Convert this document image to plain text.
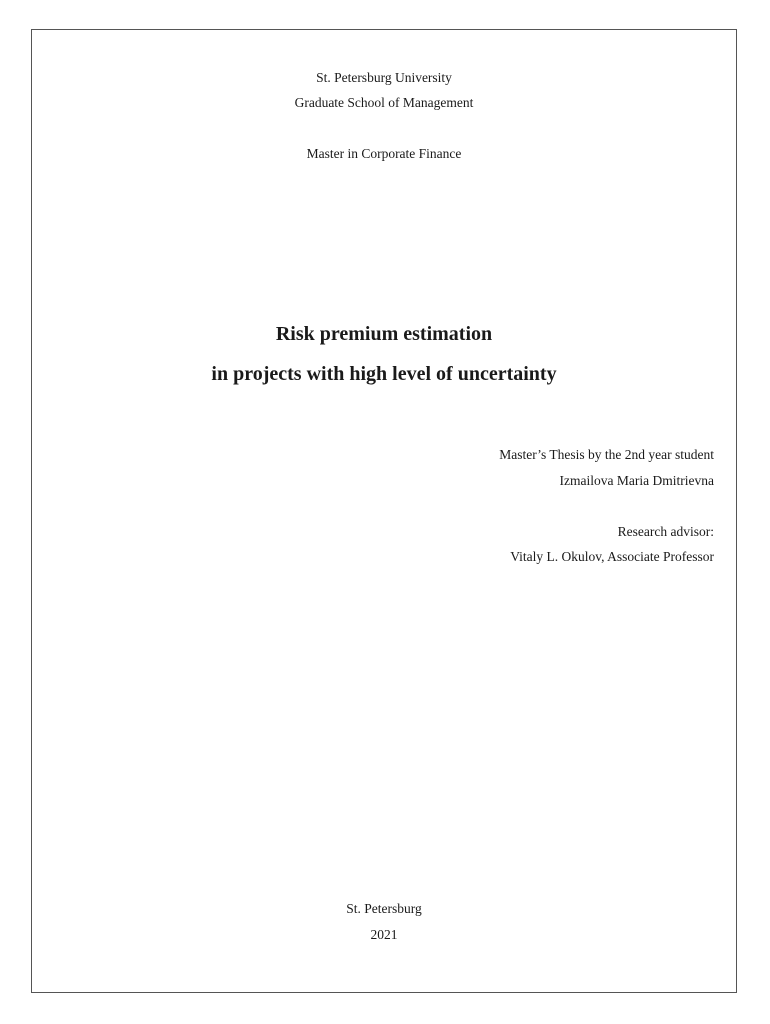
St. Petersburg University
Graduate School of Management
Master in Corporate Finance
Risk premium estimation
in projects with high level of uncertainty
Master’s Thesis by the 2nd year student
Izmailova Maria Dmitrievna
Research advisor:
Vitaly L. Okulov, Associate Professor
St. Petersburg
2021
